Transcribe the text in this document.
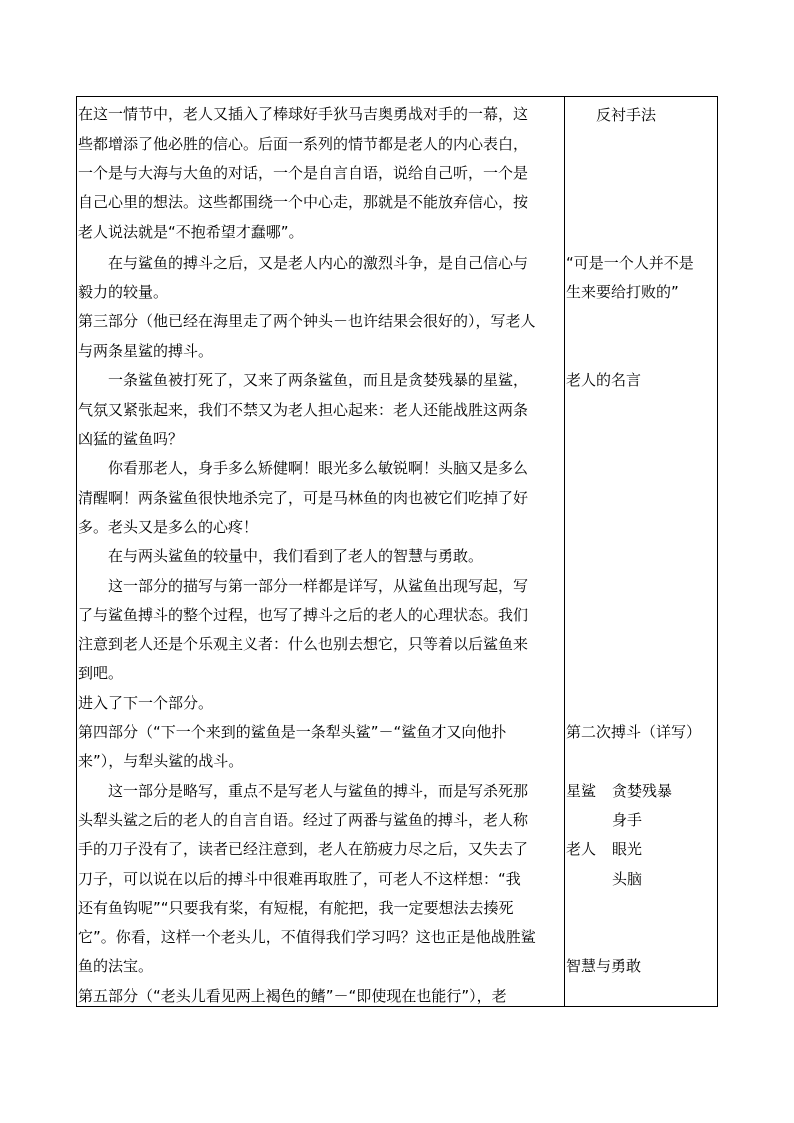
在这一情节中，老人又插入了棒球好手狄马吉奥勇战对手的一幕，这
些都增添了他必胜的信心。后面一系列的情节都是老人的内心表白，
一个是与大海与大鱼的对话，一个是自言自语，说给自己听，一个是
自己心里的想法。这些都围绕一个中心走，那就是不能放弃信心，按
老人说法就是“不抱希望才蠢哪”。
　　在与鲨鱼的搏斗之后，又是老人内心的激烈斗争，是自己信心与
毅力的较量。
第三部分（他已经在海里走了两个钟头－也许结果会很好的），写老人
与两条星鲨的搏斗。
　　一条鲨鱼被打死了，又来了两条鲨鱼，而且是贪婪残暴的星鲨，
气氛又紧张起来，我们不禁又为老人担心起来：老人还能战胜这两条
凶猛的鲨鱼吗？
　　你看那老人，身手多么矫健啊！眼光多么敏锐啊！头脑又是多么
清醒啊！两条鲨鱼很快地杀完了，可是马林鱼的肉也被它们吃掉了好
多。老头又是多么的心疼！
　　在与两头鲨鱼的较量中，我们看到了老人的智慧与勇敢。
　　这一部分的描写与第一部分一样都是详写，从鲨鱼出现写起，写
了与鲨鱼搏斗的整个过程，也写了搏斗之后的老人的心理状态。我们
注意到老人还是个乐观主义者：什么也别去想它，只等着以后鲨鱼来
到吧。
进入了下一个部分。
第四部分（“下一个来到的鲨鱼是一条犁头鲨”－“鲨鱼才又向他扑
来”），与犁头鲨的战斗。
　　这一部分是略写，重点不是写老人与鲨鱼的搏斗，而是写杀死那
头犁头鲨之后的老人的自言自语。经过了两番与鲨鱼的搏斗，老人称
手的刀子没有了，读者已经注意到，老人在筋疲力尽之后，又失去了
刀子，可以说在以后的搏斗中很难再取胜了，可老人不这样想：“我
还有鱼钩呢”“只要我有桨，有短棍，有舵把，我一定要想法去揍死
它”。你看，这样一个老头儿，不值得我们学习吗？这也正是他战胜鲨
鱼的法宝。
第五部分（“老头儿看见两上褐色的鳍”－“即使现在也能行”），老
反衬手法
“可是一个人并不是
生来要给打败的”
老人的名言
第二次搏斗（详写）
星鲨 贪婪残暴
身手
老人 眼光
头脑
智慧与勇敢
